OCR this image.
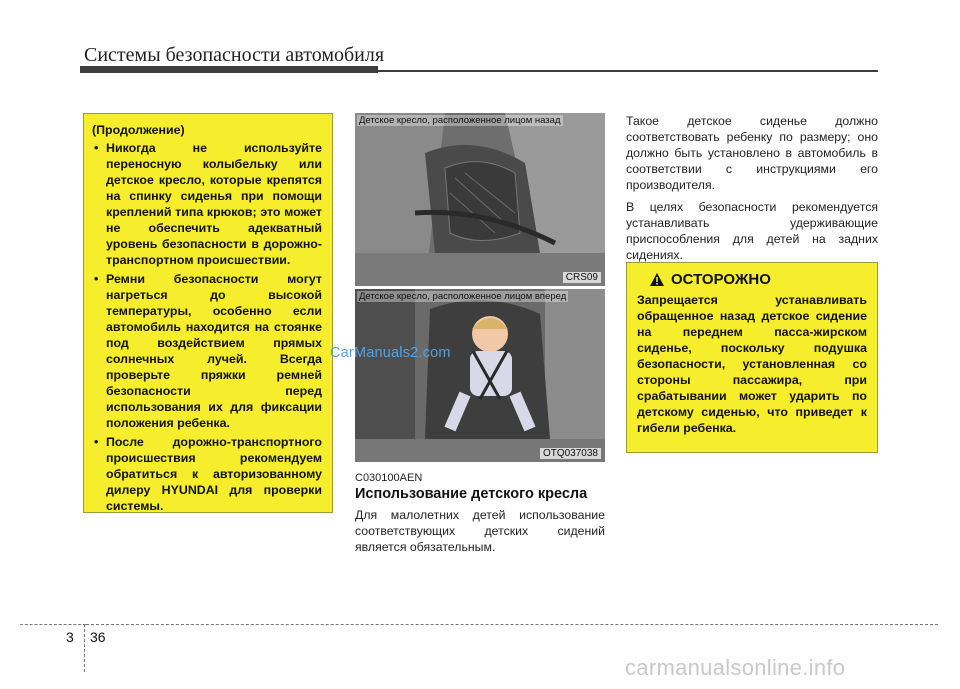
Системы безопасности автомобиля
(Продолжение)
• Никогда не используйте переносную колыбельку или детское кресло, которые крепятся на спинку сиденья при помощи креплений типа крюков; это может не обеспечить адекватный уровень безопасности в дорожно-транспортном происшествии.
• Ремни безопасности могут нагреться до высокой температуры, особенно если автомобиль находится на стоянке под воздействием прямых солнечных лучей. Всегда проверьте пряжки ремней безопасности перед использования их для фиксации положения ребенка.
• После дорожно-транспортного происшествия рекомендуем обратиться к авторизованному дилеру HYUNDAI для проверки системы.
Детское кресло, расположенное лицом назад
CRS09
Детское кресло, расположенное лицом вперед
OTQ037038
CarManuals2.com
C030100AEN
Использование детского кресла
Для малолетних детей использование соответствующих детских сидений является обязательным.

Такое детское сиденье должно соответствовать ребенку по размеру; оно должно быть установлено в автомобиль в соответствии с инструкциями его производителя.

В целях безопасности рекомендуется устанавливать удерживающие приспособления для детей на задних сидениях.

ОСТОРОЖНО
Запрещается устанавливать обращенное назад детское сидение на переднем пасса-жирском сиденье, поскольку подушка безопасности, установленная со стороны пассажира, при срабатывании может ударить по детскому сиденью, что приведет к гибели ребенка.
3 36
carmanualsonline.info
